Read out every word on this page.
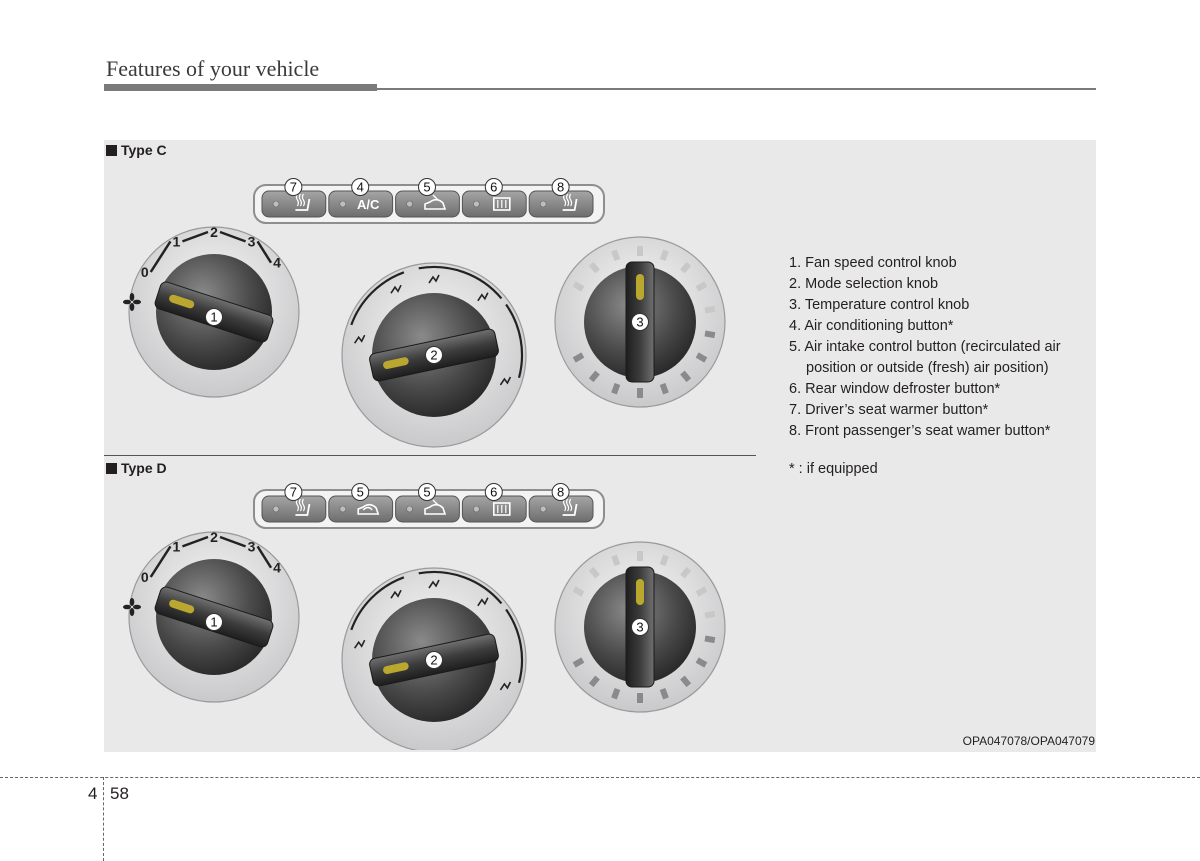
Features of your vehicle
Type C
Type D
7
A/C
4	5	6	8
0
1
2
3
4
1
2
3
7	5	5	6	8
0
1
2
3
4
1
2
3
1. Fan speed control knob
2. Mode selection knob
3. Temperature control knob
4. Air conditioning button*
5. Air intake control button (recirculated air position or outside (fresh) air position)
6. Rear window defroster button*
7. Driver’s seat warmer button*
8. Front passenger’s seat wamer button*
* : if equipped
OPA047078/OPA047079
4 58
